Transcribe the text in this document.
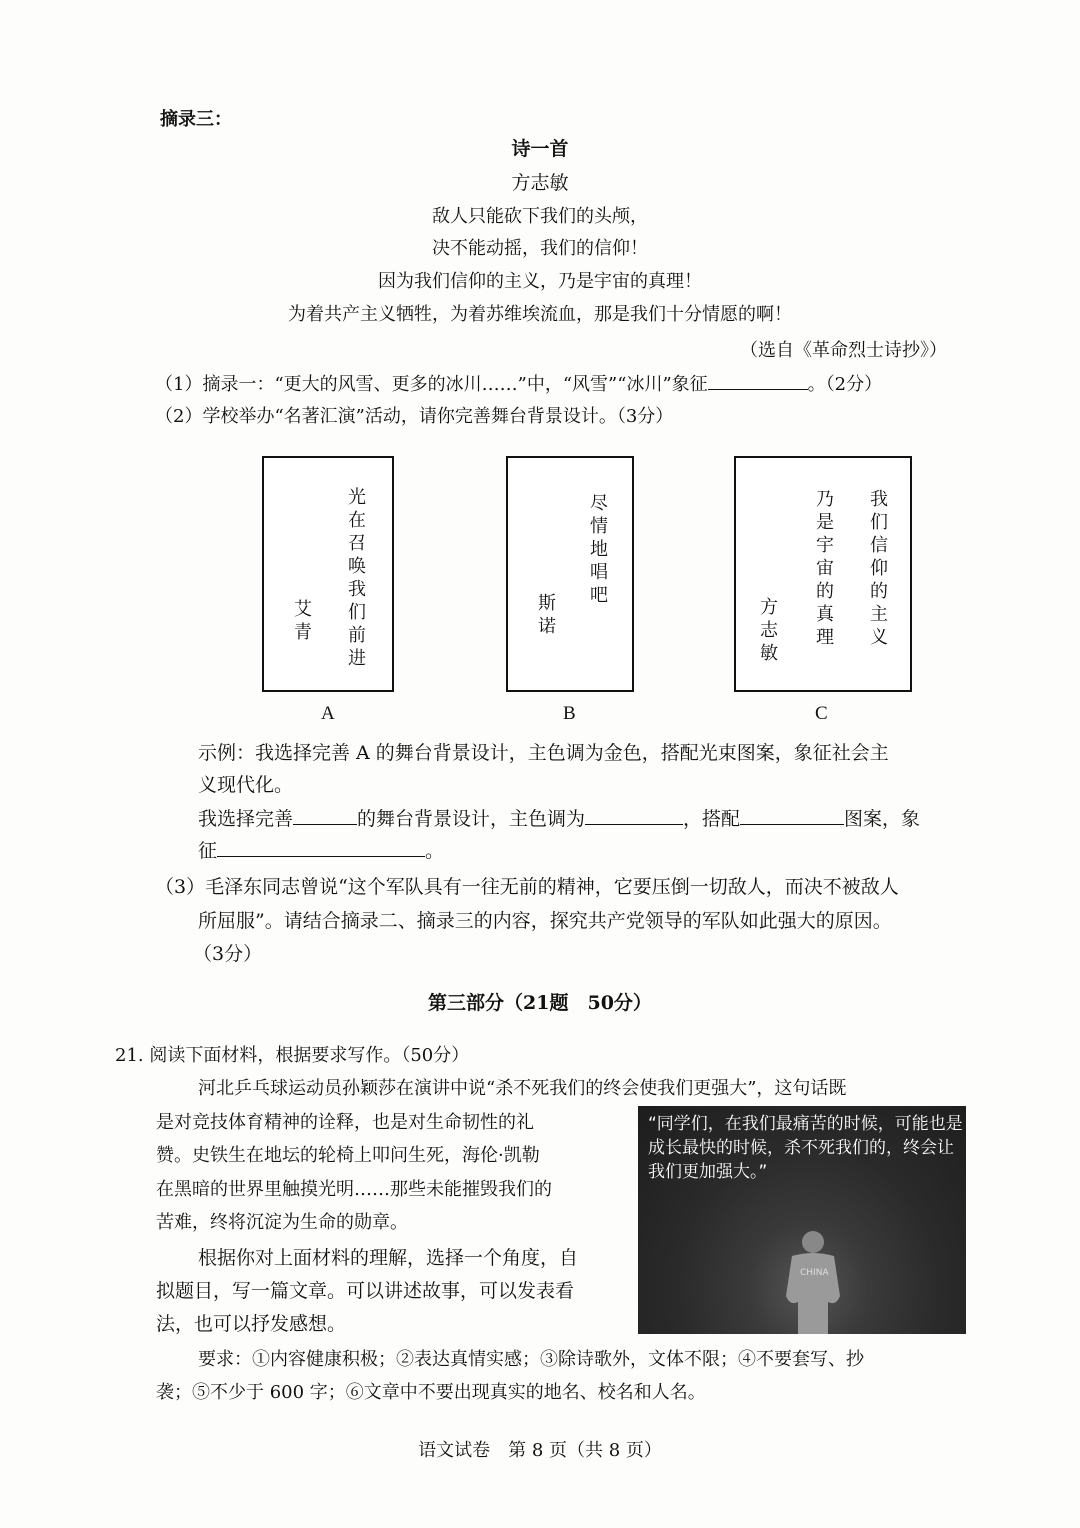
摘录三：
诗一首
方志敏
敌人只能砍下我们的头颅，
决不能动摇，我们的信仰！
因为我们信仰的主义，乃是宇宙的真理！
为着共产主义牺牲，为着苏维埃流血，那是我们十分情愿的啊！
（选自《革命烈士诗抄》）
（1）摘录一：“更大的风雪、更多的冰川……”中，“风雪”“冰川”象征	。（2分）
（2）学校举办“名著汇演”活动，请你完善舞台背景设计。（3分）
光在召唤我们前进
艾青
A
尽情地唱吧
斯诺
B
我们信仰的主义
乃是宇宙的真理
方志敏
C
示例：我选择完善 A 的舞台背景设计，主色调为金色，搭配光束图案，象征社会主
义现代化。
我选择完善	的舞台背景设计，主色调为	，搭配	图案，象
征	。
（3）毛泽东同志曾说“这个军队具有一往无前的精神，它要压倒一切敌人，而决不被敌人
所屈服”。请结合摘录二、摘录三的内容，探究共产党领导的军队如此强大的原因。
（3分）
第三部分（21题　50分）
21. 阅读下面材料，根据要求写作。（50分）
河北乒乓球运动员孙颖莎在演讲中说“杀不死我们的终会使我们更强大”，这句话既
是对竞技体育精神的诠释，也是对生命韧性的礼
赞。史铁生在地坛的轮椅上叩问生死，海伦·凯勒
在黑暗的世界里触摸光明……那些未能摧毁我们的
苦难，终将沉淀为生命的勋章。
根据你对上面材料的理解，选择一个角度，自
拟题目，写一篇文章。可以讲述故事，可以发表看
法，也可以抒发感想。
“同学们，在我们最痛苦的时候，可能也是成长最快的时候，杀不死我们的，终会让我们更加强大。”
CHINA
要求：①内容健康积极；②表达真情实感；③除诗歌外，文体不限；④不要套写、抄
袭；⑤不少于 600 字；⑥文章中不要出现真实的地名、校名和人名。
语文试卷　第 8 页（共 8 页）
